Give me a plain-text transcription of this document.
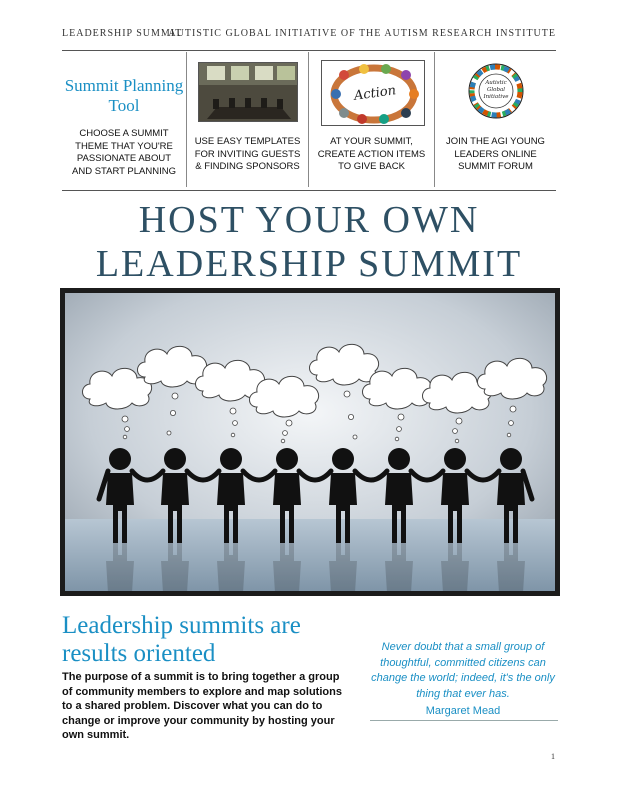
LEADERSHIP SUMMIT
AUTISTIC GLOBAL INITIATIVE OF THE AUTISM RESEARCH INSTITUTE
Summit Planning Tool
CHOOSE A SUMMIT THEME THAT YOU'RE PASSIONATE ABOUT AND START PLANNING
USE EASY TEMPLATES FOR INVITING GUESTS & FINDING SPONSORS
Action
AT YOUR SUMMIT, CREATE ACTION ITEMS TO GIVE BACK
Autistic Global Initiative
JOIN THE AGI YOUNG LEADERS ONLINE SUMMIT FORUM
HOST YOUR OWN
LEADERSHIP SUMMIT
Leadership summits are results oriented
The purpose of a summit is to bring together a group of community members to explore and map solutions to a shared problem. Discover what you can do to change or improve your community by hosting your own summit.
Never doubt that a small group of thoughtful, committed citizens can change the world; indeed, it's the only thing that ever has.
Margaret Mead
1
